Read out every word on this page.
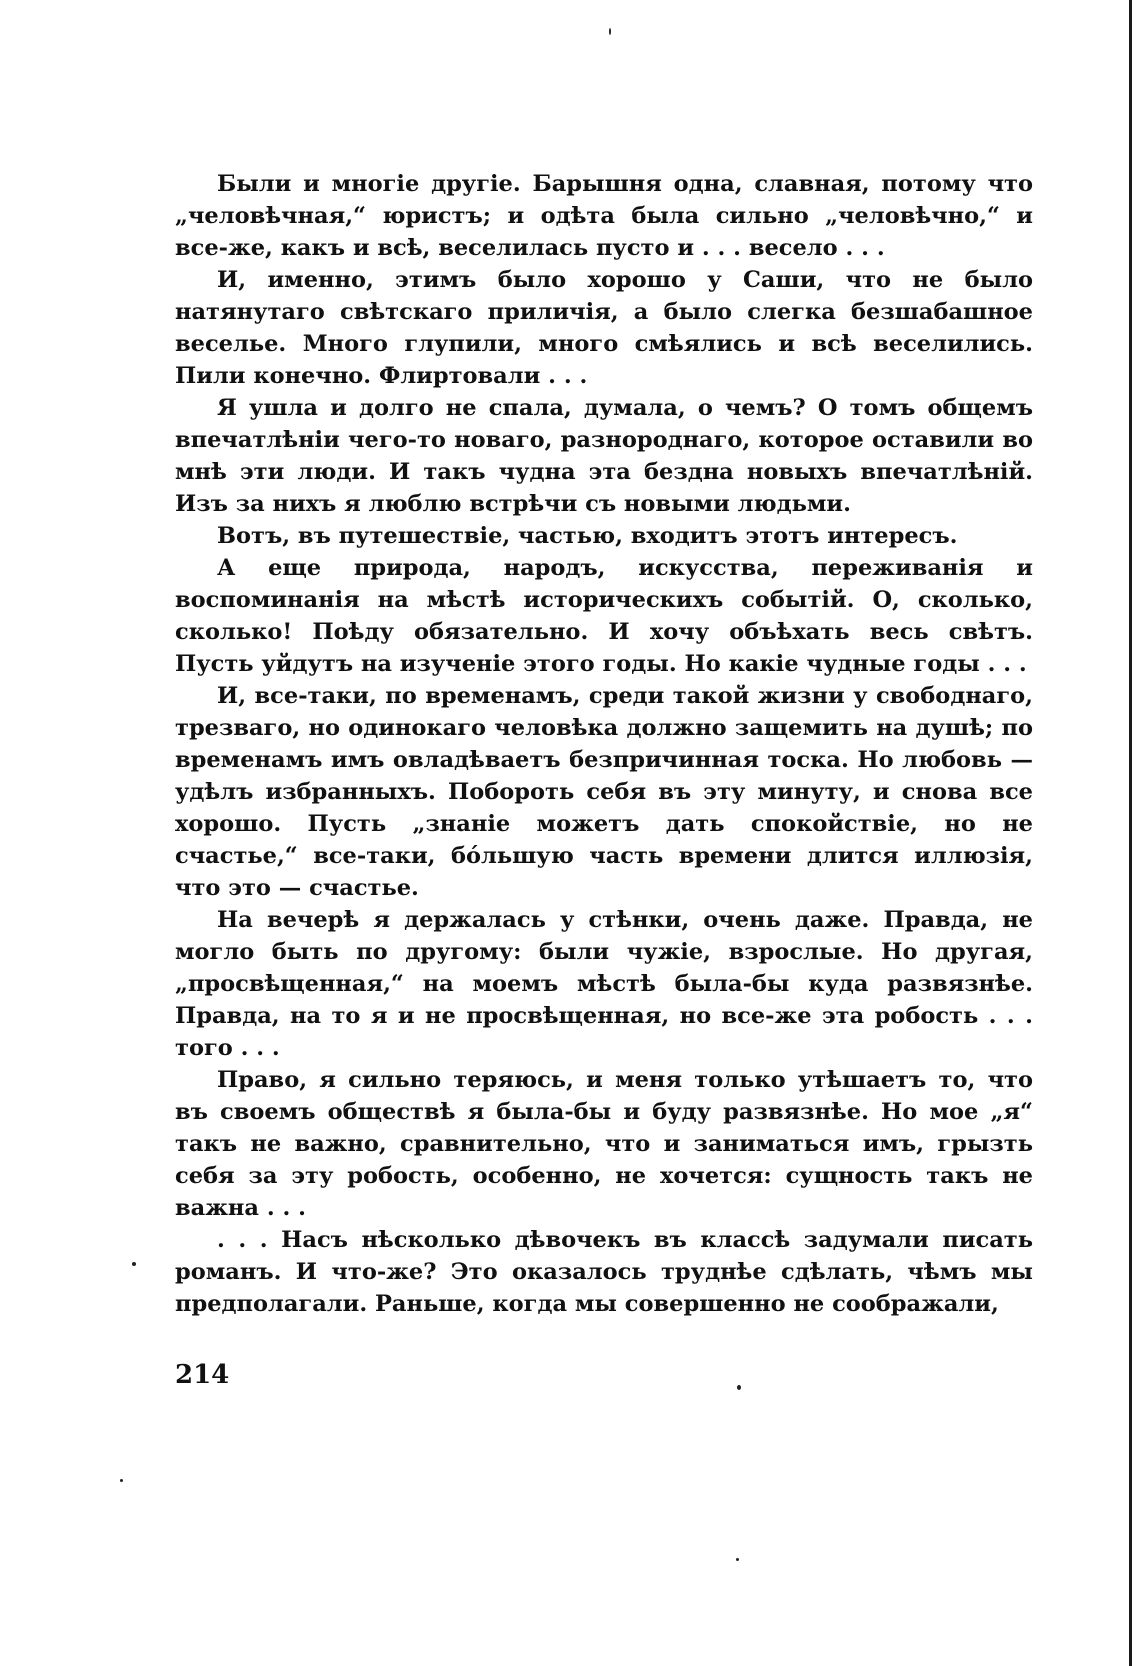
Были и многіе другіе. Барышня одна, славная, потому что „человѣчная,“ юристъ; и одѣта была сильно „человѣчно,“ и все-же, какъ и всѣ, веселилась пусто и . . . весело . . .

И, именно, этимъ было хорошо у Саши, что не было натянутаго свѣтскаго приличія, а было слегка безшабашное веселье. Много глупили, много смѣялись и всѣ веселились. Пили конечно. Флиртовали . . .

Я ушла и долго не спала, думала, о чемъ? О томъ общемъ впечатлѣніи чего-то новаго, разнороднаго, которое оставили во мнѣ эти люди. И такъ чудна эта бездна новыхъ впечатлѣній. Изъ за нихъ я люблю встрѣчи съ новыми людьми.

Вотъ, въ путешествіе, частью, входитъ этотъ интересъ.

А еще природа, народъ, искусства, переживанія и воспоминанія на мѣстѣ историческихъ событій. О, сколько, сколько! Поѣду обязательно. И хочу объѣхать весь свѣтъ. Пусть уйдутъ на изученіе этого годы. Но какіе чудные годы . . .

И, все-таки, по временамъ, среди такой жизни у свободнаго, трезваго, но одинокаго человѣка должно защемить на душѣ; по временамъ имъ овладѣваетъ безпричинная тоска. Но любовь — удѣлъ избранныхъ. Побороть себя въ эту минуту, и снова все хорошо. Пусть „знаніе можетъ дать спокойствіе, но не счастье,“ все-таки, бóльшую часть времени длится иллюзія, что это — счастье.

На вечерѣ я держалась у стѣнки, очень даже. Правда, не могло быть по другому: были чужіе, взрослые. Но другая, „просвѣщенная,“ на моемъ мѣстѣ была-бы куда развязнѣе. Правда, на то я и не просвѣщенная, но все-же эта робость . . . того . . .

Право, я сильно теряюсь, и меня только утѣшаетъ то, что въ своемъ обществѣ я была-бы и буду развязнѣе. Но мое „я“ такъ не важно, сравнительно, что и заниматься имъ, грызть себя за эту робость, особенно, не хочется: сущность такъ не важна . . .

. . . Насъ нѣсколько дѣвочекъ въ классѣ задумали писать романъ. И что-же? Это оказалось труднѣе сдѣлать, чѣмъ мы предполагали. Раньше, когда мы совершенно не соображали,

214
